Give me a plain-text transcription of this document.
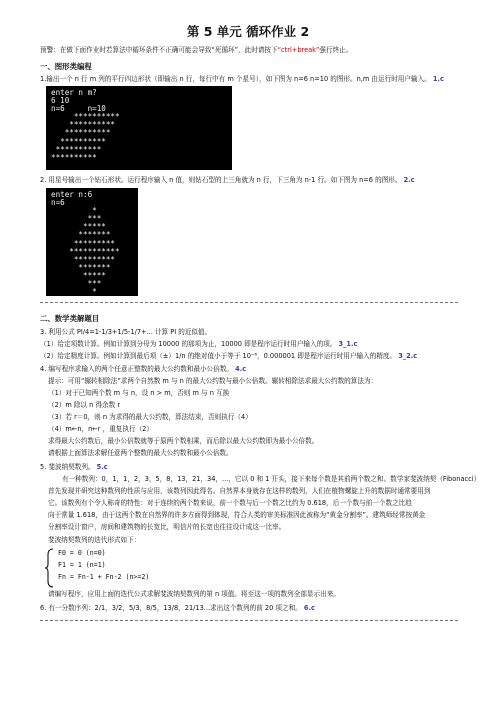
第 5 单元 循环作业 2
预警：在做下面作业时若算法中循环条件不正确可能会导致“死循环”，此时请按下“ctrl+break”强行终止。
一、图形类编程
1.输出一个 n 行 m 列的平行四边形状（即输出 n 行，每行中有 m 个星号），如下图为 n=6 n=10 的图形。n,m 由运行时用户输入。 1.c
enter n m?
6 10
n=6     n=10
**********
**********
**********
**********
**********
**********
2. 用星号输出一个钻石形状。运行程序输入 n 值，则钻石型的上三角就为 n 行，下三角为 n-1 行。如下图为 n=6 的图形。 2.c
enter n:6
n=6
*
***
*****
*******
*********
***********
*********
*******
*****
***
*
二、数学类解题目
3. 利用公式 PI/4=1-1/3+1/5-1/7+... 计算 PI 的近似值。
（1）给定项数计算。例如计算到分母为 10000 的那项为止，10000 即是程序运行时用户输入的项。 3_1.c
（2）给定精度计算。例如计算到最后项（±）1/n 的绝对值小于等于 10⁻⁶，0.000001 即是程序运行时用户输入的精度。 3_2.c
4. 编写程序求输入的两个任意正整数的最大公约数和最小公倍数。 4.c
提示：可用“辗转相除法”求两个自然数 m 与 n 的最大公约数与最小公倍数。辗转相除法求最大公约数的算法为：
（1）对于已知两个数 m 与 n，设 n > m，否则 m 与 n 互换
（2）m 除以 n 得余数 r
（3）若 r＝0，则 n 为求得的最大公约数，算法结束，否则执行（4）
（4）m←n，n←r ，重复执行（2）
求得最大公约数后，最小公倍数就等于原两个数相乘，而后除以最大公约数即为最小公倍数。
请根据上面算法求解任意两个整数的最大公约数和最小公倍数。
5. 斐波纳契数列。 5.c
有一种数列：0，1，1，2，3，5，8，13，21，34，...，它以 0 和 1 开头，接下来每个数是其前两个数之和。数学家斐波纳契（Fibonacci）
首先发现并研究这种数列的性质与应用，该数列因此得名。自然界本身就存在这样的数列，人们在植物螺旋上升的数据时通常要用到
它。该数列有个令人称奇的特性：对于连续的两个数来说，前一个数与后一个数之比约为 0.618，后一个数与前一个数之比趋
向于常量 1.618，由于这两个数在自然界的许多方面得到体现，符合人类的审美标准因此被称为“黄金分割率”。建筑师经常按黄金
分割率设计窗户，房间和建筑物的长宽比，明信片的长宽也往往设计成这一比率。
斐波纳契数列的迭代形式如下：
F0 = 0 (n=0)
F1 = 1 (n=1)
Fn = Fn-1 + Fn-2 (n>=2)
请编写程序，应用上面的迭代公式求解斐波纳契数列的第 n 项值。将至这一项的数列全部显示出来。
6. 有一分数序列：2/1，3/2，5/3，8/5，13/8，21/13...求出这个数列的前 20 项之和。 6.c
